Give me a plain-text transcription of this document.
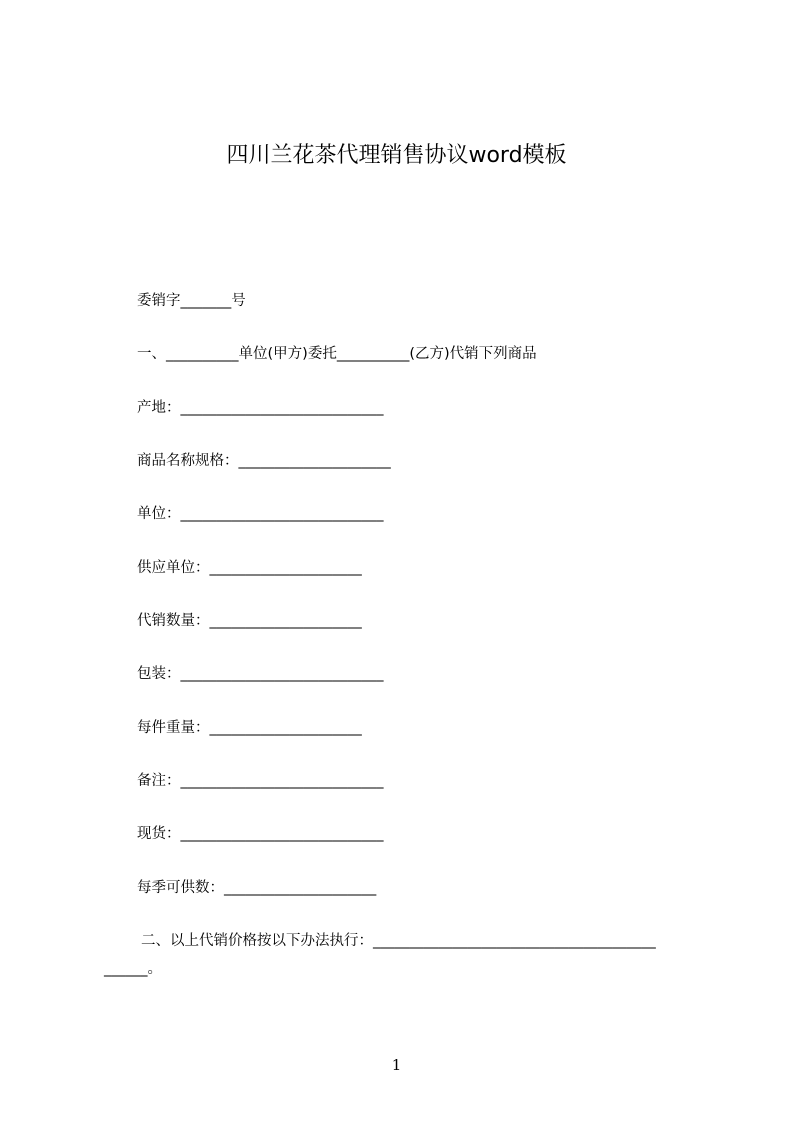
四川兰花茶代理销售协议word模板
委销字_______号
一、__________单位(甲方)委托__________(乙方)代销下列商品
产地：____________________________
商品名称规格：_____________________
单位：____________________________
供应单位：_____________________
代销数量：_____________________
包装：____________________________
每件重量：_____________________
备注：____________________________
现货：____________________________
每季可供数：_____________________
二、以上代销价格按以下办法执行：_______________________________________
______。
1
